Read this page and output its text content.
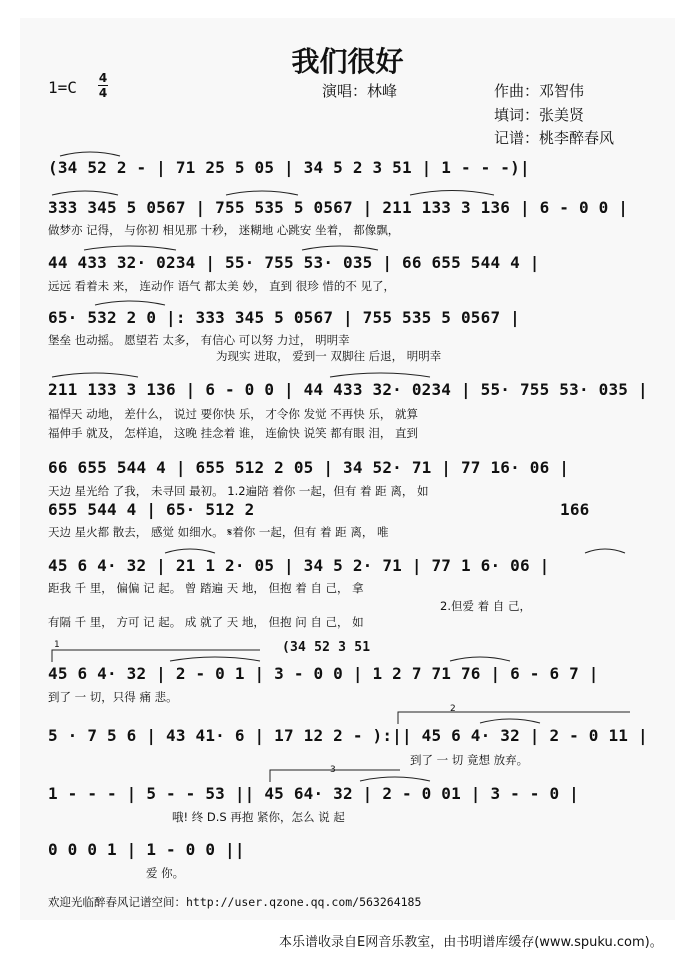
我们很好
1=C 4
4	演唱：林峰	作曲：邓智伟
填词：张美贤
记谱：桃李醉春风
(34 52 2 - | 71 25 5 05 | 34 5 2 3 51 | 1 - - -)|
333 345 5 0567 | 755 535 5 0567 | 211 133 3 136 | 6 - 0 0 |
做梦亦 记得， 与你初 相见那 十秒， 迷糊地 心跳安 坐着， 都像飘，
44 433 32· 0234 | 55· 755 53· 035 | 66 655 544 4 |
远远 看着未 来， 连动作 语气 都太美 妙， 直到 很珍 惜的不 见了，
65· 532 2 0 |: 333 345 5 0567 | 755 535 5 0567 |
堡垒 也动摇。 愿望若 太多， 有信心 可以努 力过， 明明幸
为现实 进取， 爱到一 双脚往 后退， 明明幸
211 133 3 136 | 6 - 0 0 | 44 433 32· 0234 | 55· 755 53· 035 |
福悍天 动地， 差什么， 说过 要你快 乐， 才令你 发觉 不再快 乐， 就算
福伸手 就及， 怎样追， 这晚 挂念着 谁， 连偷快 说笑 都有眼 泪， 直到
66 655 544 4 | 655 512 2 05 | 34 52· 71 | 77 16· 06 |
天边 星光给 了我， 未寻回 最初。 1.2遍陪 着你 一起，但有 着 距 离， 如
655 544 4 | 65· 512 2	166
天边 星火都 散去， 感觉 如细水。 𝄋着你 一起，但有 着 距 离， 唯
45 6 4· 32 | 21 1 2· 05 | 34 5 2· 71 | 77 1 6· 06 |
距我 千 里， 偏偏 记 起。 曾 踏遍 天 地， 但抱 着 自 己， 拿
2.但爱 着 自 己，
有隔 千 里， 方可 记 起。 成 就了 天 地， 但抱 问 自 己， 如
(34 52 3 51
45 6 4· 32 | 2 - 0 1 | 3 - 0 0 | 1 2 7 71 76 | 6 - 6 7 |
到了 一 切，只得 痛 悲。
5 · 7 5 6 | 43 41· 6 | 17 12 2 - ):|| 45 6 4· 32 | 2 - 0 11 |
到了 一 切 竟想 放弃。
1 - - - | 5 - - 53 || 45 64· 32 | 2 - 0 01 | 3 - - 0 |
哦! 终 D.S 再抱 紧你，怎么 说 起
0 0 0 1 | 1 - 0 0 ||
爱 你。
1
2
3
欢迎光临醉春风记谱空间：http://user.qzone.qq.com/563264185
本乐谱收录自E网音乐教室，由书明谱库缓存(www.spuku.com)。
